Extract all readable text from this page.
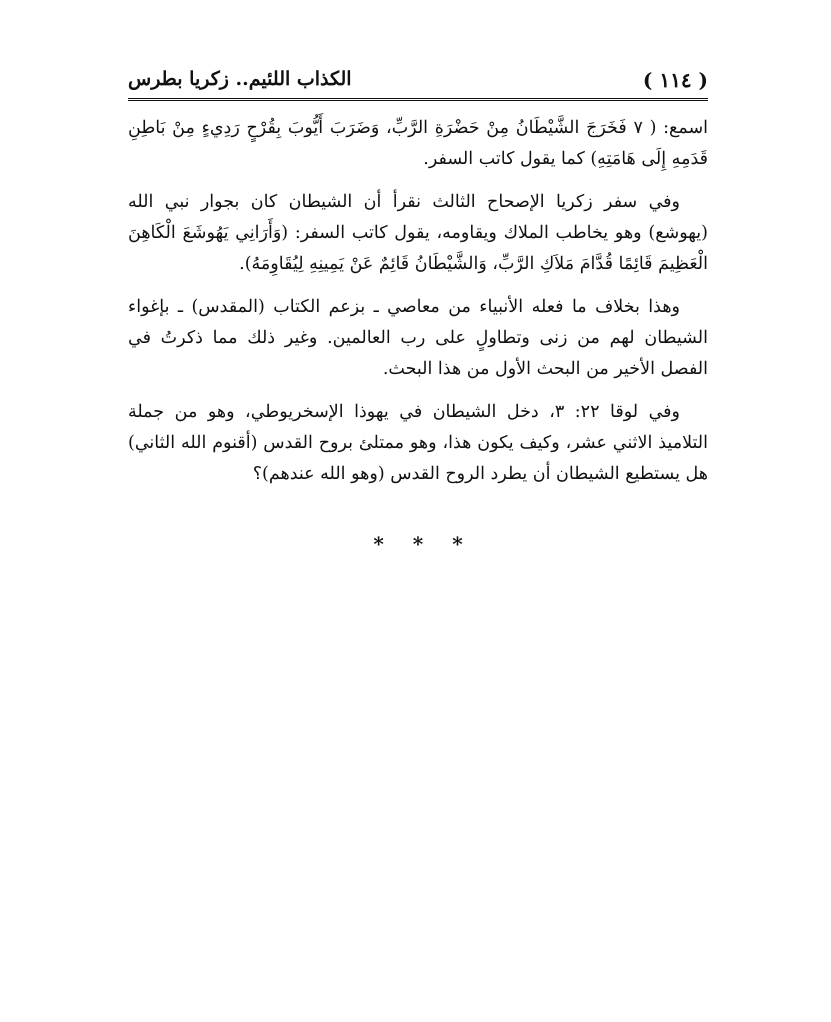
( ١١٤ )
الكذاب اللئيم.. زكريا بطرس

اسمع: ( ٧ فَخَرَجَ الشَّيْطَانُ مِنْ حَضْرَةِ الرَّبِّ، وَضَرَبَ أَيُّوبَ بِقُرْحٍ رَدِيءٍ مِنْ بَاطِنِ قَدَمِهِ إِلَى هَامَتِهِ) كما يقول كاتب السفر.

وفي سفر زكريا الإصحاح الثالث نقرأ أن الشيطان كان بجوار نبي الله (يهوشع) وهو يخاطب الملاك ويقاومه، يقول كاتب السفر: (وَأَرَانِي يَهُوشَعَ الْكَاهِنَ الْعَظِيمَ قَائِمًا قُدَّامَ مَلاَكِ الرَّبِّ، وَالشَّيْطَانُ قَائِمٌ عَنْ يَمِينِهِ لِيُقَاوِمَهُ).

وهذا بخلاف ما فعله الأنبياء من معاصي ـ بزعم الكتاب (المقدس) ـ بإغواء الشيطان لهم من زنى وتطاولٍ على رب العالمين. وغير ذلك مما ذكرتُ في الفصل الأخير من البحث الأول من هذا البحث.

وفي لوقا ٢٢: ٣، دخل الشيطان في يهوذا الإسخريوطي، وهو من جملة التلاميذ الاثني عشر، وكيف يكون هذا، وهو ممتلئ بروح القدس (أقنوم الله الثاني) هل يستطيع الشيطان أن يطرد الروح القدس (وهو الله عندهم)؟

* * *
